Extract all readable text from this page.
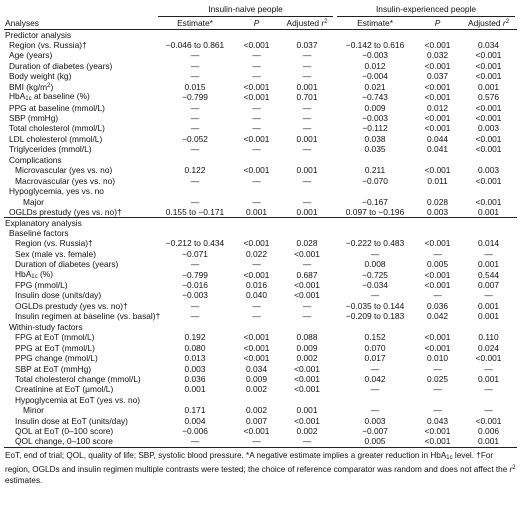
	Insulin-naive people			Insulin-experienced people		

Analyses	Estimate*	P	Adjusted $r^2$	Estimate*	P	Adjusted $r^2$
Predictor analysis						
Region (vs. Russia)†	−0.046 to 0.861	<0.001	0.037	−0.142 to 0.616	<0.001	0.034
Age (years)	—	—	—	−0.003	0.032	<0.001
Duration of diabetes (years)	—	—	—	0.012	<0.001	<0.001
Body weight (kg)	—	—	—	−0.004	0.037	<0.001
BMI $(kg/m^2)$	0.015	<0.001	0.001	0.021	<0.001	0.001
HbA1c at baseline (%)	−0.799	<0.001	0.701	−0.743	<0.001	0.576
PPG at baseline (mmol/L)	—	—	—	0.009	0.012	<0.001
SBP (mmHg)	—	—	—	−0.003	<0.001	<0.001
Total cholesterol (mmol/L)	—	—	—	−0.112	<0.001	0.003
LDL cholesterol (mmol/L)	−0.052	<0.001	0.001	0.038	0.044	<0.001
Triglycerides (mmol/L)	—	—	—	0.035	0.041	<0.001
Complications						
Microvascular (yes vs. no)	0.122	<0.001	0.001	0.211	<0.001	0.003
Macrovascular (yes vs. no)	—	—	—	−0.070	0.011	<0.001
Hypoglycemia, yes vs. no						
Major	—	—	—	−0.167	0.028	<0.001
OGLDs prestudy (yes vs. no)†	0.155 to −0.171	0.001	0.001	0.097 to −0.196	0.003	0.001
Explanatory analysis						
Baseline factors						
Region (vs. Russia)†	−0.212 to 0.434	<0.001	0.028	−0.222 to 0.483	<0.001	0.014
Sex (male vs. female)	−0.071	0.022	<0.001	—	—	—
Duration of diabetes (years)	—	—	—	0.008	0.005	0.001
HbA1c (%)	−0.799	<0.001	0.687	−0.725	<0.001	0.544
FPG (mmol/L)	−0.016	0.016	<0.001	−0.034	<0.001	0.007
Insulin dose (units/day)	−0.003	0.040	<0.001	—	—	—
OGLDs prestudy (yes vs. no)†	—	—	—	−0.035 to 0.144	0.036	0.001
Insulin regimen at baseline (vs. basal)†	—	—	—	−0.209 to 0.183	0.042	0.001
Within-study factors						
FPG at EoT (mmol/L)	0.192	<0.001	0.088	0.152	<0.001	0.110
PPG at EoT (mmol/L)	0.080	<0.001	0.009	0.070	<0.001	0.024
PPG change (mmol/L)	0.013	<0.001	0.002	0.017	0.010	<0.001
SBP at EoT (mmHg)	0.003	0.034	<0.001	—	—	—
Total cholesterol change (mmol/L)	0.036	0.009	<0.001	0.042	0.025	0.001
Creatinine at EoT (μmol/L)	0.001	0.002	<0.001	—	—	—
Hypoglycemia at EoT (yes vs. no)						
Minor	0.171	0.002	0.001	—	—	—
Insulin dose at EoT (units/day)	0.004	0.007	<0.001	0.003	0.043	<0.001
QOL at EoT (0–100 score)	−0.006	<0.001	0.002	−0.007	<0.001	0.006
QOL change, 0–100 score	—	—	—	0.005	<0.001	0.001
EoT, end of trial; QOL, quality of life; SBP, systolic blood pressure. *A negative estimate implies a greater reduction in HbA1c level. †For region, OGLDs and insulin regimen multiple contrasts were tested; the choice of reference comparator was random and does not affect the $r^2$ estimates.
